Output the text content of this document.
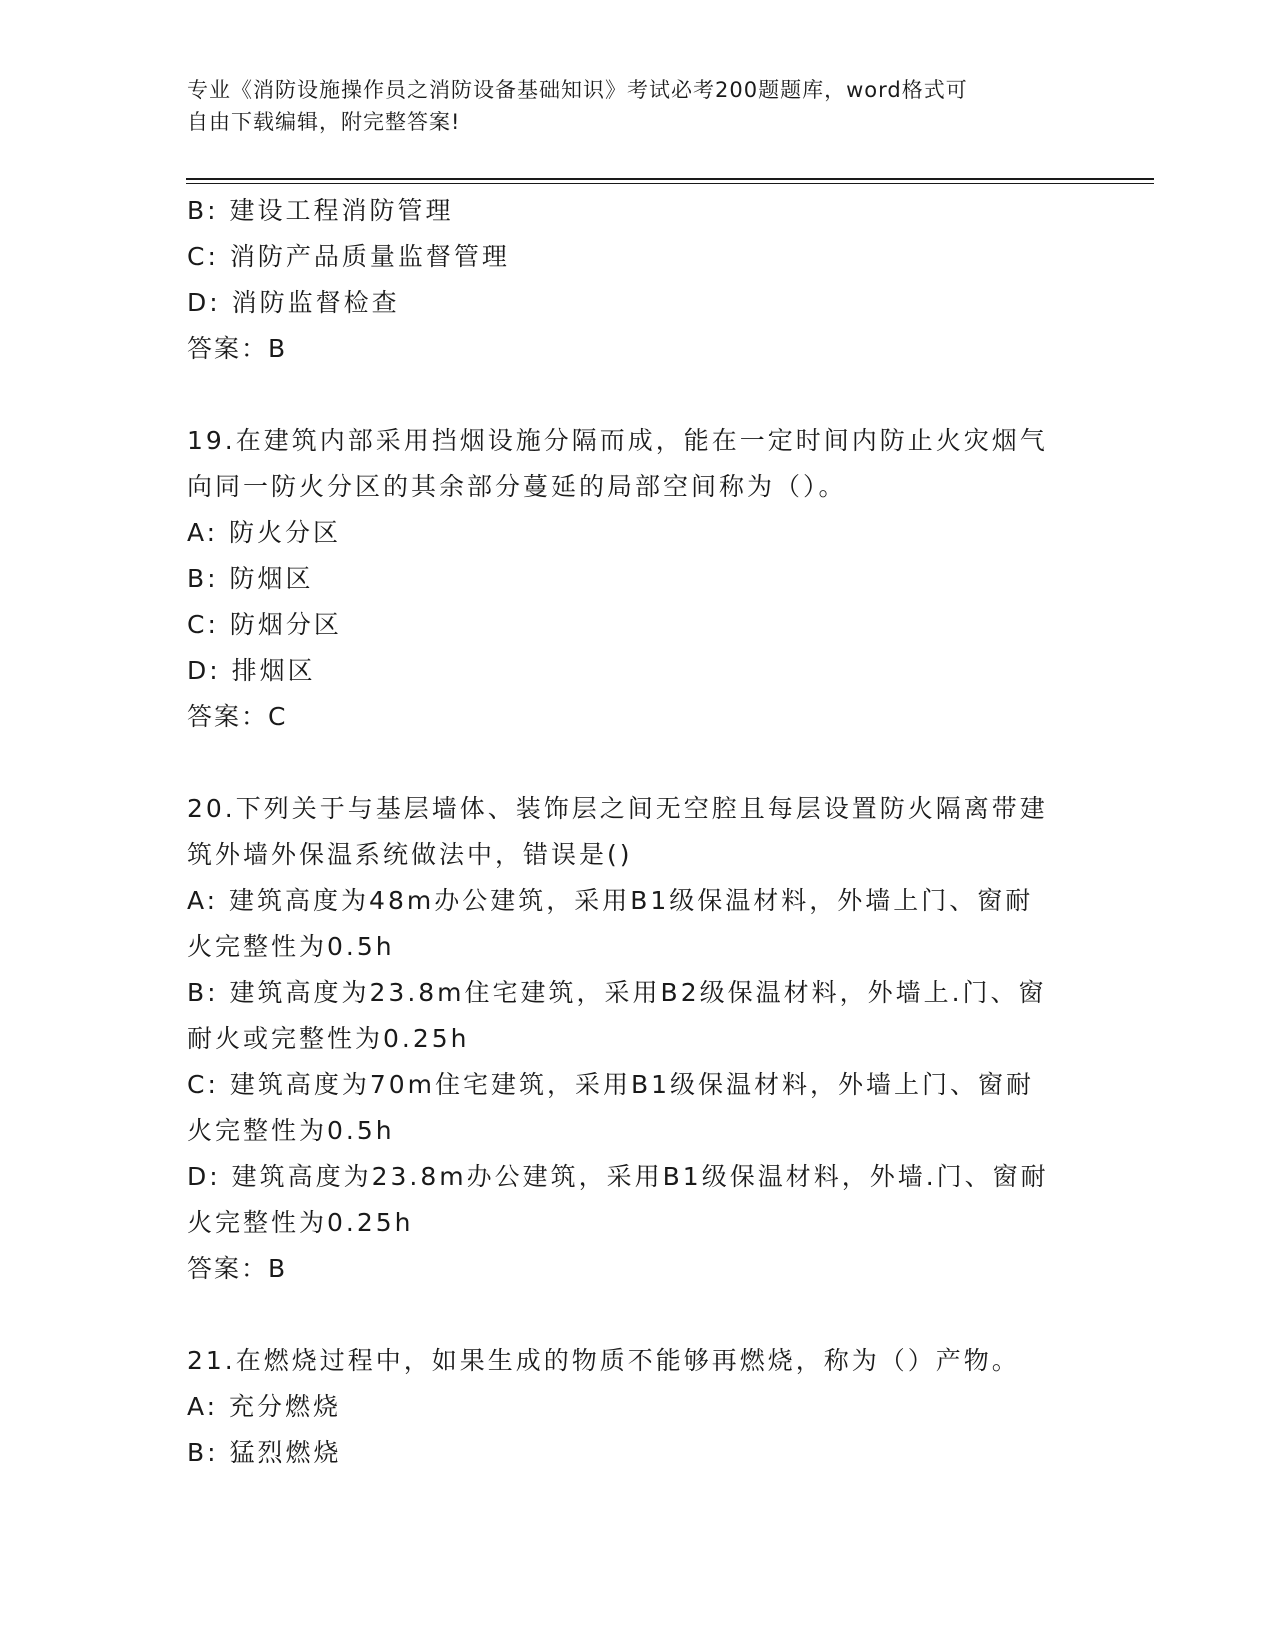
专业《消防设施操作员之消防设备基础知识》考试必考200题题库，word格式可

自由下载编辑，附完整答案!

B: 建设工程消防管理

C: 消防产品质量监督管理

D: 消防监督检查

答案：B

19.在建筑内部采用挡烟设施分隔而成，能在一定时间内防止火灾烟气

向同一防火分区的其余部分蔓延的局部空间称为（）。

A: 防火分区

B: 防烟区

C: 防烟分区

D: 排烟区

答案：C

20.下列关于与基层墙体、装饰层之间无空腔且每层设置防火隔离带建

筑外墙外保温系统做法中，错误是()

A: 建筑高度为48m办公建筑，采用B1级保温材料，外墙上门、窗耐

火完整性为0.5h

B: 建筑高度为23.8m住宅建筑，采用B2级保温材料，外墙上.门、窗

耐火或完整性为0.25h

C: 建筑高度为70m住宅建筑，采用B1级保温材料，外墙上门、窗耐

火完整性为0.5h

D: 建筑高度为23.8m办公建筑，采用B1级保温材料，外墙.门、窗耐

火完整性为0.25h

答案：B

21.在燃烧过程中，如果生成的物质不能够再燃烧，称为（）产物。

A: 充分燃烧

B: 猛烈燃烧
